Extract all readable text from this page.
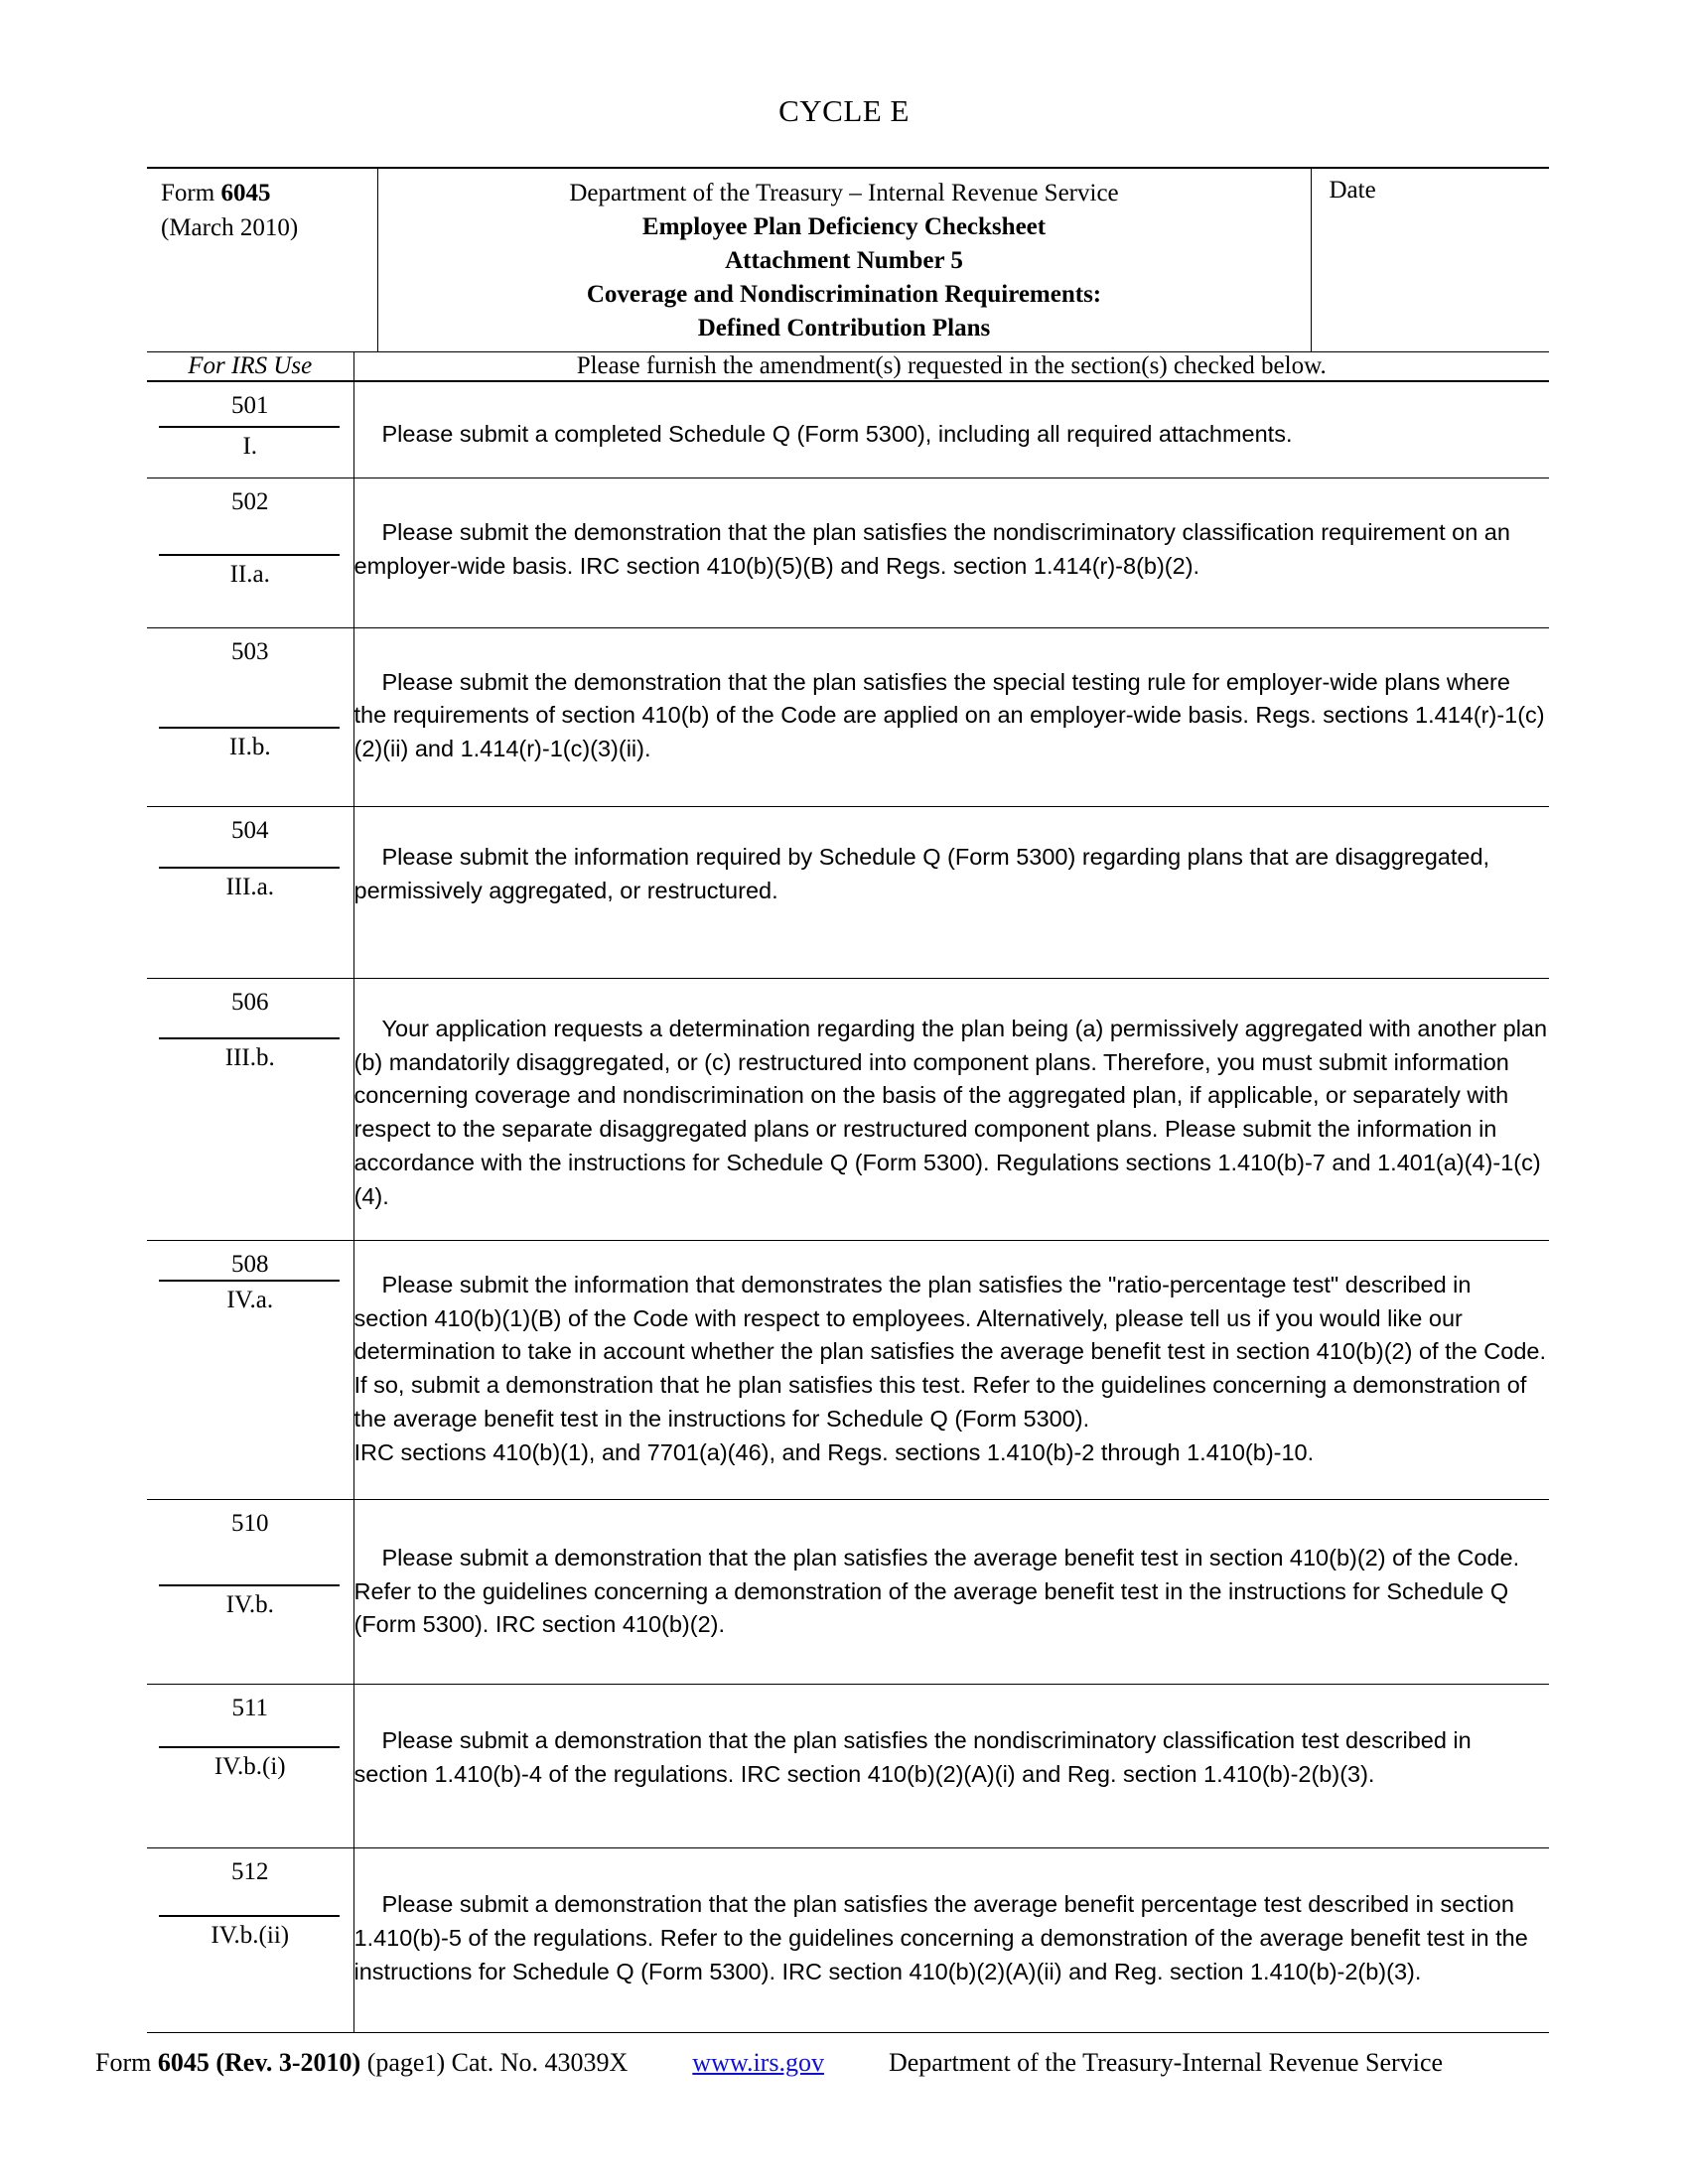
CYCLE E
Form 6045
(March 2010)

Department of the Treasury – Internal Revenue Service
Employee Plan Deficiency Checksheet
Attachment Number 5
Coverage and Nondiscrimination Requirements:
Defined Contribution Plans

Date

For IRS Use	Please furnish the amendment(s) requested in the section(s) checked below.

501
I.	Please submit a completed Schedule Q (Form 5300), including all required attachments.

502
II.a.

Please submit the demonstration that the plan satisfies the nondiscriminatory classification requirement on an employer-wide basis. IRC section 410(b)(5)(B) and Regs. section 1.414(r)-8(b)(2).

503
II.b.

Please submit the demonstration that the plan satisfies the special testing rule for employer-wide plans where the requirements of section 410(b) of the Code are applied on an employer-wide basis. Regs. sections 1.414(r)-1(c)(2)(ii) and 1.414(r)-1(c)(3)(ii).

504
III.a.

Please submit the information required by Schedule Q (Form 5300) regarding plans that are disaggregated, permissively aggregated, or restructured.

506
III.b.

Your application requests a determination regarding the plan being (a) permissively aggregated with another plan (b) mandatorily disaggregated, or (c) restructured into component plans. Therefore, you must submit information concerning coverage and nondiscrimination on the basis of the aggregated plan, if applicable, or separately with respect to the separate disaggregated plans or restructured component plans. Please submit the information in accordance with the instructions for Schedule Q (Form 5300). Regulations sections 1.410(b)-7 and 1.401(a)(4)-1(c)(4).

508
IV.a.

Please submit the information that demonstrates the plan satisfies the "ratio-percentage test" described in section 410(b)(1)(B) of the Code with respect to employees. Alternatively, please tell us if you would like our determination to take in account whether the plan satisfies the average benefit test in section 410(b)(2) of the Code. If so, submit a demonstration that he plan satisfies this test. Refer to the guidelines concerning a demonstration of the average benefit test in the instructions for Schedule Q (Form 5300).

IRC sections 410(b)(1), and 7701(a)(46), and Regs. sections 1.410(b)-2 through 1.410(b)-10.

510
IV.b.

Please submit a demonstration that the plan satisfies the average benefit test in section 410(b)(2) of the Code. Refer to the guidelines concerning a demonstration of the average benefit test in the instructions for Schedule Q (Form 5300). IRC section 410(b)(2).

511
IV.b.(i)

Please submit a demonstration that the plan satisfies the nondiscriminatory classification test described in section 1.410(b)-4 of the regulations. IRC section 410(b)(2)(A)(i) and Reg. section 1.410(b)-2(b)(3).

512
IV.b.(ii)

Please submit a demonstration that the plan satisfies the average benefit percentage test described in section 1.410(b)-5 of the regulations. Refer to the guidelines concerning a demonstration of the average benefit test in the instructions for Schedule Q (Form 5300). IRC section 410(b)(2)(A)(ii) and Reg. section 1.410(b)-2(b)(3).

Form 6045 (Rev. 3-2010) (page1) Cat. No. 43039X	www.irs.gov	Department of the Treasury-Internal Revenue Service
